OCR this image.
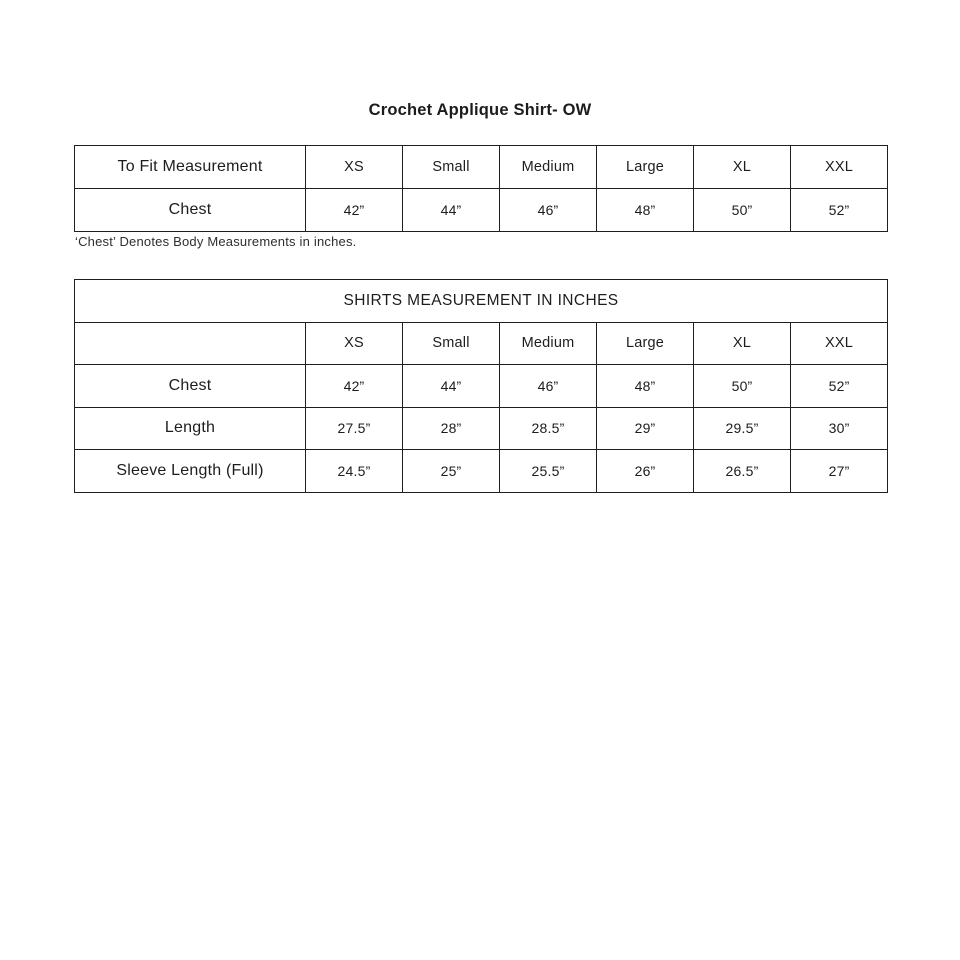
Crochet Applique Shirt- OW
To Fit Measurement	XS	Small	Medium	Large	XL	XXL
Chest	42”	44”	46”	48”	50”	52”

‘Chest’ Denotes Body Measurements in inches.

SHIRTS MEASUREMENT IN INCHES						
	XS	Small	Medium	Large	XL	XXL
Chest	42”	44”	46”	48”	50”	52”
Length	27.5”	28”	28.5”	29”	29.5”	30”
Sleeve Length (Full)	24.5”	25”	25.5”	26”	26.5”	27”
